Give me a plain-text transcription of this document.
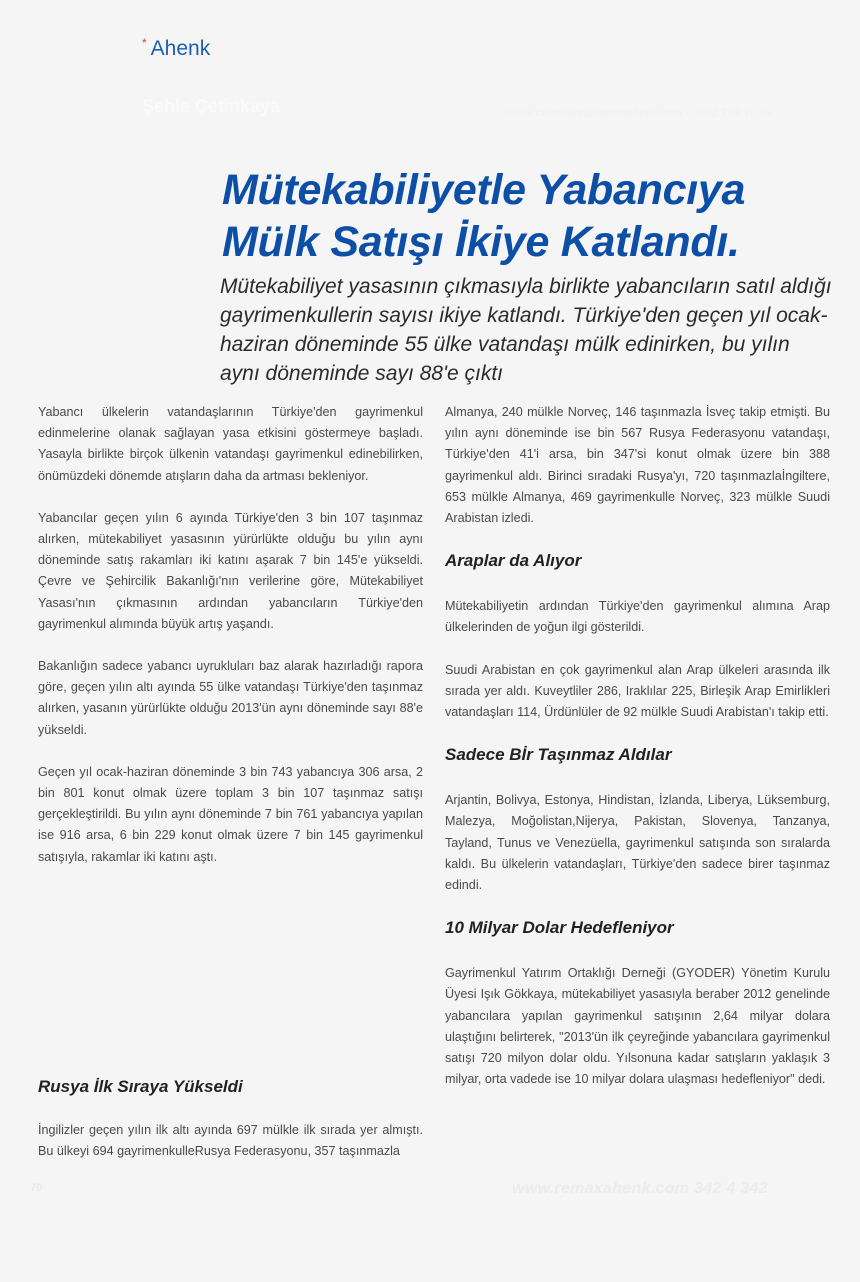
* Ahenk
Şehla Çetinkaya	sehla.cetinkaya@remaxahenk.com · 0532 769 72 99
Mütekabiliyetle Yabancıya Mülk Satışı İkiye Katlandı.

Mütekabiliyet yasasının çıkmasıyla birlikte yabancıların satıl aldığı gayrimenkullerin sayısı ikiye katlandı. Türkiye'den geçen yıl ocak-haziran döneminde 55 ülke vatandaşı mülk edinirken, bu yılın aynı döneminde sayı 88'e çıktı

Yabancı ülkelerin vatandaşlarının Türkiye'den gayrimenkul edinmelerine olanak sağlayan yasa etkisini göstermeye başladı. Yasayla birlikte birçok ülkenin vatandaşı gayrimenkul edinebilirken, önümüzdeki dönemde atışların daha da artması bekleniyor.

Yabancılar geçen yılın 6 ayında Türkiye'den 3 bin 107 taşınmaz alırken, mütekabiliyet yasasının yürürlükte olduğu bu yılın aynı döneminde satış rakamları iki katını aşarak 7 bin 145'e yükseldi. Çevre ve Şehircilik Bakanlığı'nın verilerine göre, Mütekabiliyet Yasası'nın çıkmasının ardından yabancıların Türkiye'den gayrimenkul alımında büyük artış yaşandı.

Bakanlığın sadece yabancı uyrukluları baz alarak hazırladığı rapora göre, geçen yılın altı ayında 55 ülke vatandaşı Türkiye'den taşınmaz alırken, yasanın yürürlükte olduğu 2013'ün aynı döneminde sayı 88'e yükseldi.

Geçen yıl ocak-haziran döneminde 3 bin 743 yabancıya 306 arsa, 2 bin 801 konut olmak üzere toplam 3 bin 107 taşınmaz satışı gerçekleştirildi. Bu yılın aynı döneminde 7 bin 761 yabancıya yapılan ise 916 arsa, 6 bin 229 konut olmak üzere 7 bin 145 gayrimenkul satışıyla, rakamlar iki katını aştı.

Rusya İlk Sıraya Yükseldi

İngilizler geçen yılın ilk altı ayında 697 mülkle ilk sırada yer almıştı. Bu ülkeyi 694 gayrimenkulleRusya Federasyonu, 357 taşınmazla

Almanya, 240 mülkle Norveç, 146 taşınmazla İsveç takip etmişti. Bu yılın aynı döneminde ise bin 567 Rusya Federasyonu vatandaşı, Türkiye'den 41'i arsa, bin 347'si konut olmak üzere bin 388 gayrimenkul aldı. Birinci sıradaki Rusya'yı, 720 taşınmazlaİngiltere, 653 mülkle Almanya, 469 gayrimenkulle Norveç, 323 mülkle Suudi Arabistan izledi.

Araplar da Alıyor

Mütekabiliyetin ardından Türkiye'den gayrimenkul alımına Arap ülkelerinden de yoğun ilgi gösterildi.

Suudi Arabistan en çok gayrimenkul alan Arap ülkeleri arasında ilk sırada yer aldı. Kuveytliler 286, Iraklılar 225, Birleşik Arap Emirlikleri vatandaşları 114, Ürdünlüler de 92 mülkle Suudi Arabistan'ı takip etti.

Sadece Bİr Taşınmaz Aldılar

Arjantin, Bolivya, Estonya, Hindistan, İzlanda, Liberya, Lüksemburg, Malezya, Moğolistan,Nijerya, Pakistan, Slovenya, Tanzanya, Tayland, Tunus ve Venezüella, gayrimenkul satışında son sıralarda kaldı. Bu ülkelerin vatandaşları, Türkiye'den sadece birer taşınmaz edindi.

10 Milyar Dolar Hedefleniyor

Gayrimenkul Yatırım Ortaklığı Derneği (GYODER) Yönetim Kurulu Üyesi Işık Gökkaya, mütekabiliyet yasasıyla beraber 2012 genelinde yabancılara yapılan gayrimenkul satışının 2,64 milyar dolara ulaştığını belirterek, "2013'ün ilk çeyreğinde yabancılara gayrimenkul satışı 720 milyon dolar oldu. Yılsonuna kadar satışların yaklaşık 3 milyar, orta vadede ise 10 milyar dolara ulaşması hedefleniyor" dedi.

70	www.remaxahenk.com 342 4 342
